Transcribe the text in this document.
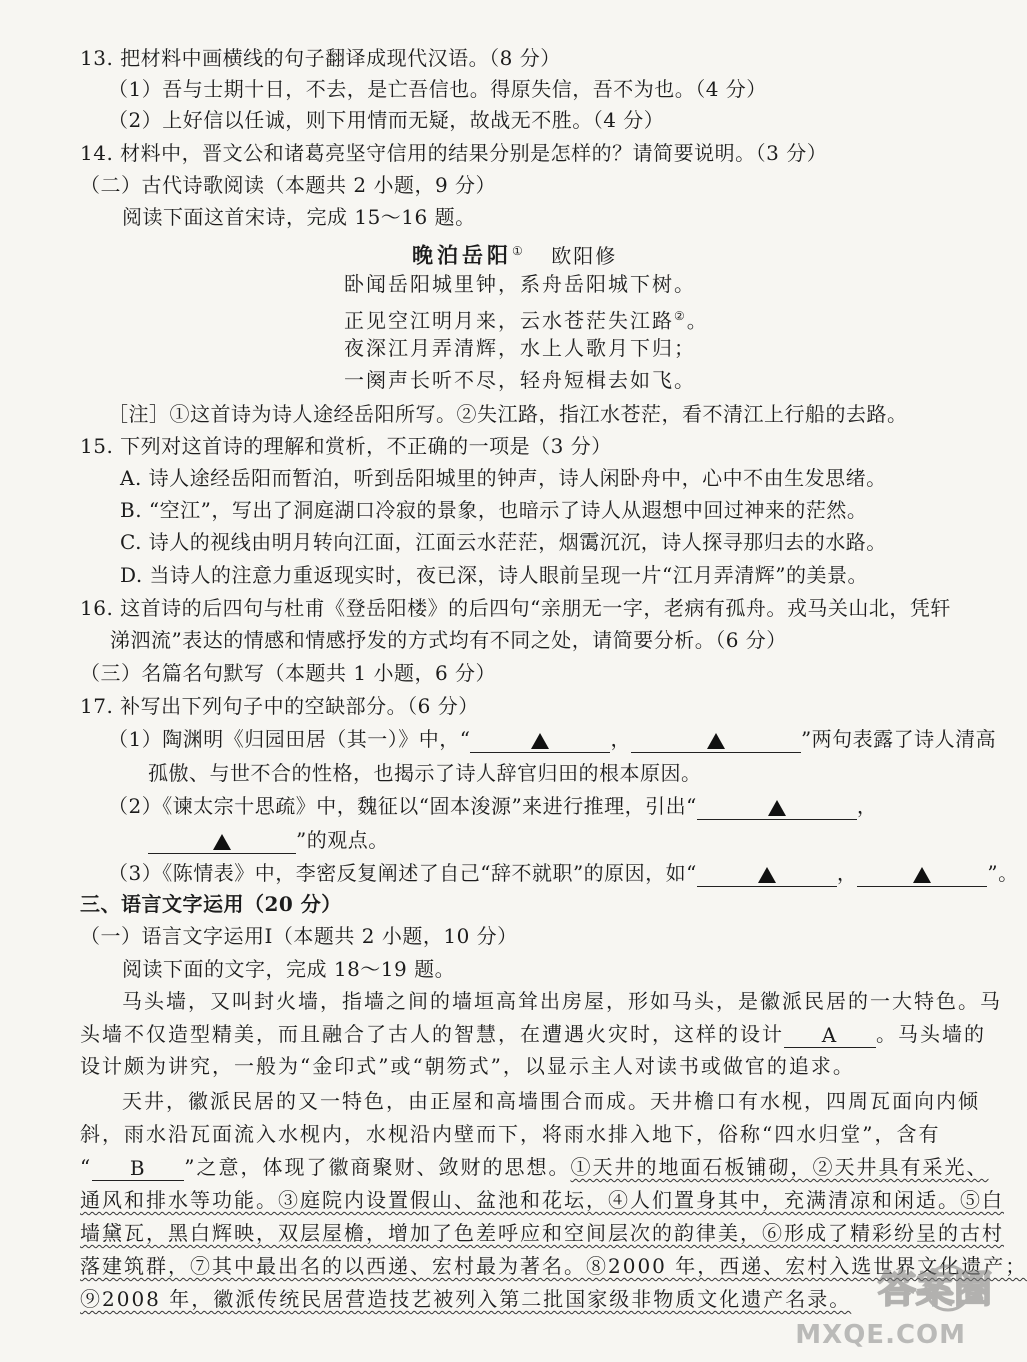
13. 把材料中画横线的句子翻译成现代汉语。（8 分）
（1）吾与士期十日，不去，是亡吾信也。得原失信，吾不为也。（4 分）
（2）上好信以任诚，则下用情而无疑，故战无不胜。（4 分）
14. 材料中，晋文公和诸葛亮坚守信用的结果分别是怎样的？请简要说明。（3 分）
（二）古代诗歌阅读（本题共 2 小题，9 分）
阅读下面这首宋诗，完成 15～16 题。
晚泊岳阳① 欧阳修
卧闻岳阳城里钟，系舟岳阳城下树。
正见空江明月来，云水苍茫失江路②。
夜深江月弄清辉，水上人歌月下归；
一阕声长听不尽，轻舟短楫去如飞。
［注］①这首诗为诗人途经岳阳所写。②失江路，指江水苍茫，看不清江上行船的去路。
15. 下列对这首诗的理解和赏析，不正确的一项是（3 分）
A. 诗人途经岳阳而暂泊，听到岳阳城里的钟声，诗人闲卧舟中，心中不由生发思绪。
B. “空江”，写出了洞庭湖口冷寂的景象，也暗示了诗人从遐想中回过神来的茫然。
C. 诗人的视线由明月转向江面，江面云水茫茫，烟霭沉沉，诗人探寻那归去的水路。
D. 当诗人的注意力重返现实时，夜已深，诗人眼前呈现一片“江月弄清辉”的美景。
16. 这首诗的后四句与杜甫《登岳阳楼》的后四句“亲朋无一字，老病有孤舟。戎马关山北，凭轩
涕泗流”表达的情感和情感抒发的方式均有不同之处，请简要分析。（6 分）
（三）名篇名句默写（本题共 1 小题，6 分）
17. 补写出下列句子中的空缺部分。（6 分）
（1）陶渊明《归园田居（其一）》中，“	，	”两句表露了诗人清高
孤傲、与世不合的性格，也揭示了诗人辞官归田的根本原因。
（2）《谏太宗十思疏》中，魏征以“固本浚源”来进行推理，引出“	，
”的观点。
（3）《陈情表》中，李密反复阐述了自己“辞不就职”的原因，如“	，	”。
三、语言文字运用（20 分）
（一）语言文字运用Ⅰ（本题共 2 小题，10 分）
阅读下面的文字，完成 18～19 题。
马头墙，又叫封火墙，指墙之间的墙垣高耸出房屋，形如马头，是徽派民居的一大特色。马
头墙不仅造型精美，而且融合了古人的智慧，在遭遇火灾时，这样的设计 A 。马头墙的
设计颇为讲究，一般为“金印式”或“朝笏式”，以显示主人对读书或做官的追求。
天井，徽派民居的又一特色，由正屋和高墙围合而成。天井檐口有水枧，四周瓦面向内倾
斜，雨水沿瓦面流入水枧内，水枧沿内壁而下，将雨水排入地下，俗称“四水归堂”，含有
“ B ”之意，体现了徽商聚财、敛财的思想。①天井的地面石板铺砌，②天井具有采光、
通风和排水等功能。③庭院内设置假山、盆池和花坛，④人们置身其中，充满清凉和闲适。⑤白
墙黛瓦，黑白辉映，双层屋檐，增加了色差呼应和空间层次的韵律美，⑥形成了精彩纷呈的古村
落建筑群，⑦其中最出名的以西递、宏村最为著名。⑧2000 年，西递、宏村入选世界文化遗产；
⑨2008 年，徽派传统民居营造技艺被列入第二批国家级非物质文化遗产名录。 答案圈
MXQE.COM
